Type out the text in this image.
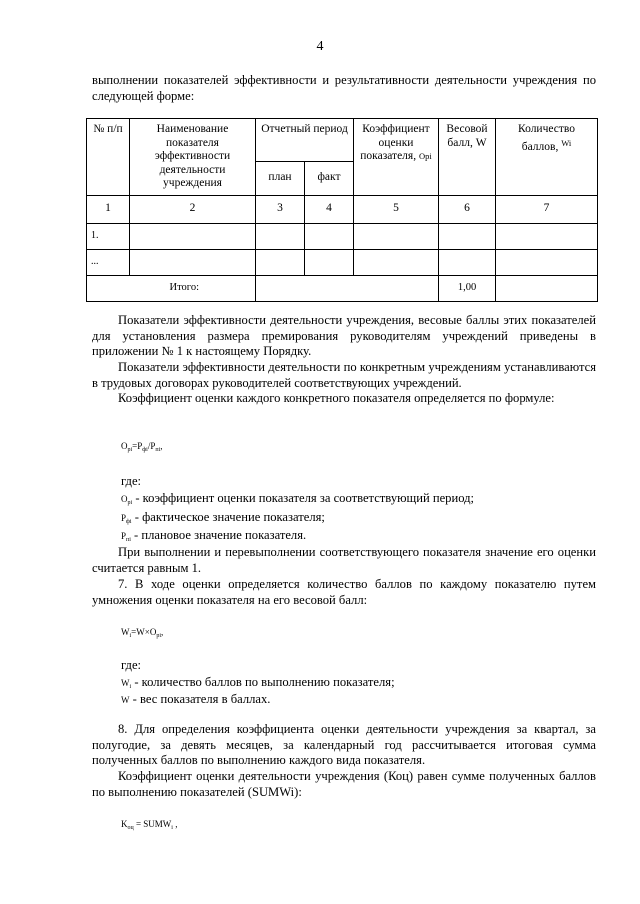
4
выполнении показателей эффективности и результативности деятельности учреждения по следующей форме:
№ п/п	Наименование показателя эффективности деятельности учреждения	Отчетный период		Коэффициент оценки показателя, Oрi	Весовой балл, W	Количество баллов, $^{Wi}$
		план	факт			
1	2	3	4	5	6	7
1.						
...						
Итого:					1,00	
Показатели эффективности деятельности учреждения, весовые баллы этих показателей для установления размера премирования руководителям учреждений приведены в приложении № 1 к настоящему Порядку.
Показатели эффективности деятельности по конкретным учреждениям устанавливаются в трудовых договорах руководителей соответствующих учреждений.
Коэффициент оценки каждого конкретного показателя определяется по формуле:
$O_{рi}=P_{фi}/P_{пi}$,
где:
$O_{рi}$ - коэффициент оценки показателя за соответствующий период;
$P_{фi}$ - фактическое значение показателя;
$P_{пi}$ - плановое значение показателя.
При выполнении и перевыполнении соответствующего показателя значение его оценки считается равным 1.
7. В ходе оценки определяется количество баллов по каждому показателю путем умножения оценки показателя на его весовой балл:
$W_i=W\times O_{рi}$,
где:
$W_i$ - количество баллов по выполнению показателя;
W - вес показателя в баллах.
8. Для определения коэффициента оценки деятельности учреждения за квартал, за полугодие, за девять месяцев, за календарный год рассчитывается итоговая сумма полученных баллов по выполнению каждого вида показателя.
Коэффициент оценки деятельности учреждения (Коц) равен сумме полученных баллов по выполнению показателей (SUMWi):
$K_{оц}$ = $SUMW_i$ ,
